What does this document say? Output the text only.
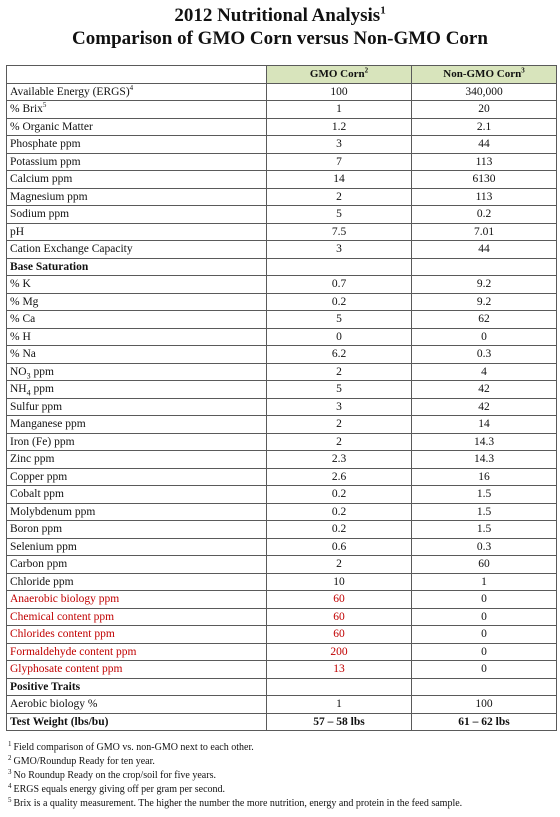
2012 Nutritional Analysis$^1$
Comparison of GMO Corn versus Non-GMO Corn
	GMO Corn$^2$	Non-GMO Corn$^3$
Available Energy (ERGS)$^4$	100	340,000
% Brix$^5$	1	20
% Organic Matter	1.2	2.1
Phosphate ppm	3	44
Potassium ppm	7	113
Calcium ppm	14	6130
Magnesium ppm	2	113
Sodium ppm	5	0.2
pH	7.5	7.01
Cation Exchange Capacity	3	44
Base Saturation		
% K	0.7	9.2
% Mg	0.2	9.2
% Ca	5	62
% H	0	0
% Na	6.2	0.3
$NO_3$ ppm	2	4
$NH_4$ ppm	5	42
Sulfur ppm	3	42
Manganese ppm	2	14
Iron (Fe) ppm	2	14.3
Zinc ppm	2.3	14.3
Copper ppm	2.6	16
Cobalt ppm	0.2	1.5
Molybdenum ppm	0.2	1.5
Boron ppm	0.2	1.5
Selenium ppm	0.6	0.3
Carbon ppm	2	60
Chloride ppm	10	1
Anaerobic biology ppm	60	0
Chemical content ppm	60	0
Chlorides content ppm	60	0
Formaldehyde content ppm	200	0
Glyphosate content ppm	13	0
Positive Traits		
Aerobic biology %	1	100
Test Weight (lbs/bu)	57 – 58 lbs	61 – 62 lbs
$^1$ Field comparison of GMO vs. non-GMO next to each other.
$^2$ GMO/Roundup Ready for ten year.
$^3$ No Roundup Ready on the crop/soil for five years.
$^4$ ERGS equals energy giving off per gram per second.
$^5$ Brix is a quality measurement. The higher the number the more nutrition, energy and protein in the feed sample.
